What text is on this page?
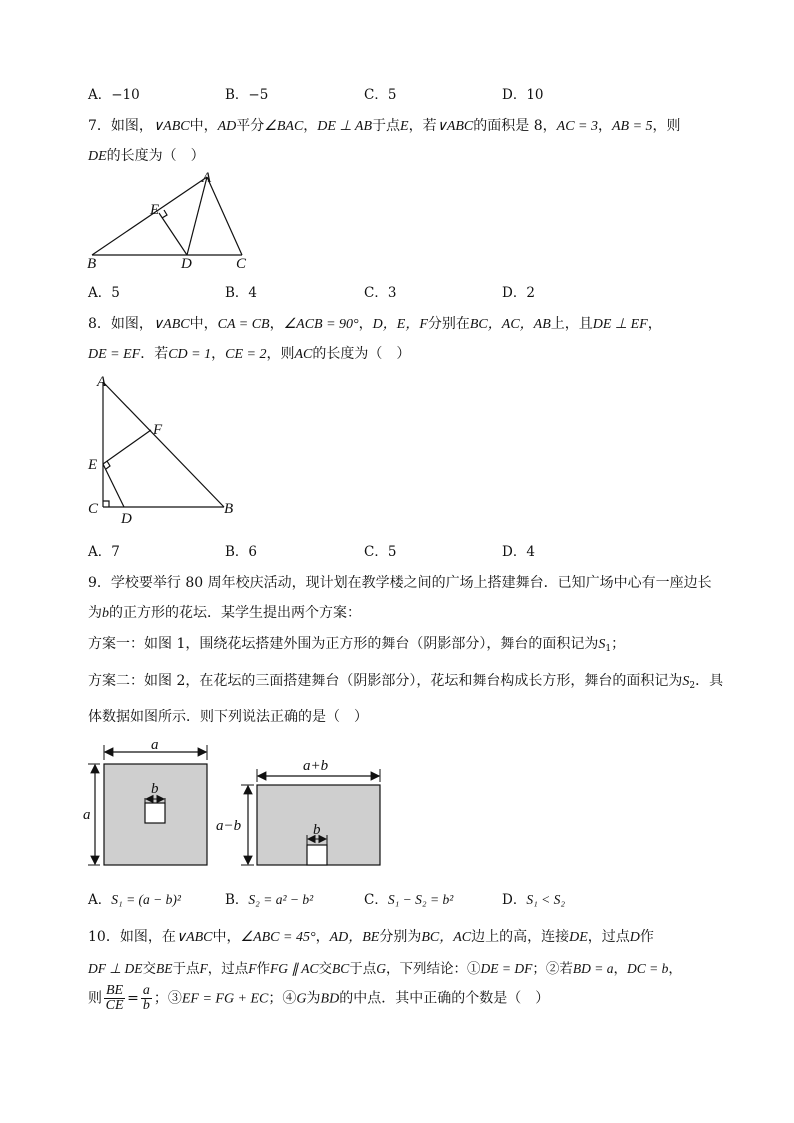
A．−10	B．−5	C．5	D．10
7．如图，∨ABC中，AD平分∠BAC，DE ⊥ AB于点E，若∨ABC的面积是 8，AC = 3，AB = 5，则
DE的长度为（　）
A
B	C
D
E
A．5	B．4	C．3	D．2
8．如图，∨ABC中，CA = CB，∠ACB = 90°，D，E，F分别在BC，AC，AB上，且DE ⊥ EF，
DE = EF．若CD = 1，CE = 2，则AC的长度为（　）
A
F
E
C
D
B
A．7	B．6	C．5	D．4
9．学校要举行 80 周年校庆活动，现计划在教学楼之间的广场上搭建舞台．已知广场中心有一座边长
为b的正方形的花坛．某学生提出两个方案：
方案一：如图 1，围绕花坛搭建外围为正方形的舞台（阴影部分），舞台的面积记为$S_1$；
方案二：如图 2，在花坛的三面搭建舞台（阴影部分），花坛和舞台构成长方形，舞台的面积记为$S_2$．具
体数据如图所示．则下列说法正确的是（　）
a
a
b
a+b
a−b	b
A．S₁ = (a − b)²	B．S₂ = a² − b²	C．S₁ − S₂ = b²	D．S₁ < S₂
10．如图，在∨ABC中，∠ABC = 45°，AD，BE分别为BC，AC边上的高，连接DE，过点D作
DF ⊥ DE交BE于点F，过点F作FG ∥ AC交BC于点G，下列结论：①DE = DF；②若BD = a，DC = b，
则 $\frac{BE}{CE} = \frac{a}{b}$ ；③EF = FG + EC；④G为BD的中点．其中正确的个数是（　）
